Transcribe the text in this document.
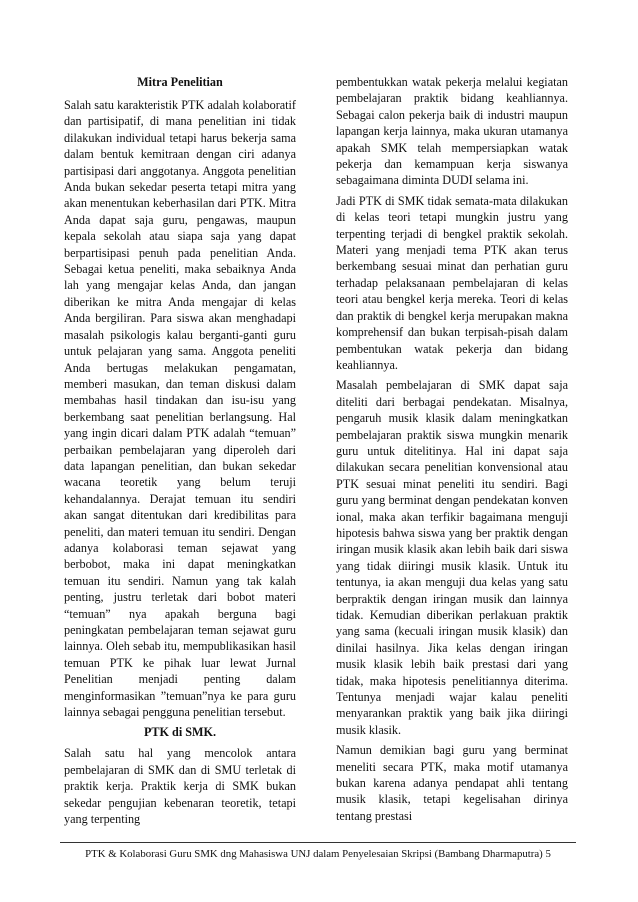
Mitra Penelitian

Salah satu karakteristik PTK adalah kolaboratif dan partisipatif, di mana penelitian ini tidak dilakukan individual tetapi harus bekerja sama dalam bentuk kemitraan dengan ciri adanya partisipasi dari anggotanya. Anggota penelitian Anda bukan sekedar peserta tetapi mitra yang akan menentukan keberhasilan dari PTK. Mitra Anda dapat saja guru, pengawas, maupun kepala sekolah atau siapa saja yang dapat berpartisipasi penuh pada penelitian Anda. Sebagai ketua peneliti, maka sebaiknya Anda lah yang mengajar kelas Anda, dan jangan diberikan ke mitra Anda mengajar di kelas Anda bergiliran. Para siswa akan menghadapi masalah psikologis kalau berganti-ganti guru untuk pelajaran yang sama. Anggota peneliti Anda bertugas melakukan pengamatan, memberi masukan, dan teman diskusi dalam membahas hasil tindakan dan isu-isu yang berkembang saat penelitian berlangsung. Hal yang ingin dicari dalam PTK adalah “temuan” perbaikan pembelajaran yang diperoleh dari data lapangan penelitian, dan bukan sekedar wacana teoretik yang belum teruji kehandalannya. Derajat temuan itu sendiri akan sangat ditentukan dari kredibilitas para peneliti, dan materi temuan itu sendiri. Dengan adanya kolaborasi teman sejawat yang berbobot, maka ini dapat meningkatkan temuan itu sendiri. Namun yang tak kalah penting, justru terletak dari bobot materi “temuan” nya apakah berguna bagi peningkatan pembelajaran teman sejawat guru lainnya. Oleh sebab itu, mempublikasikan hasil temuan PTK ke pihak luar lewat Jurnal Penelitian menjadi penting dalam menginformasikan ”temuan”nya ke para guru lainnya sebagai pengguna penelitian tersebut.

PTK di SMK.

Salah satu hal yang mencolok antara pembelajaran di SMK dan di SMU terletak di praktik kerja. Praktik kerja di SMK bukan sekedar pengujian kebenaran teoretik, tetapi yang terpenting

pembentukkan watak pekerja melalui kegiatan pembelajaran praktik bidang keahliannya. Sebagai calon pekerja baik di industri maupun lapangan kerja lainnya, maka ukuran utamanya apakah SMK telah mempersiapkan watak pekerja dan kemampuan kerja siswanya sebagaimana diminta DUDI selama ini.

Jadi PTK di SMK tidak semata-mata dilakukan di kelas teori tetapi mungkin justru yang terpenting terjadi di bengkel praktik sekolah. Materi yang menjadi tema PTK akan terus berkembang sesuai minat dan perhatian guru terhadap pelaksanaan pembelajaran di kelas teori atau bengkel kerja mereka. Teori di kelas dan praktik di bengkel kerja merupakan makna komprehensif dan bukan terpisah-pisah dalam pembentukan watak pekerja dan bidang keahliannya.

Masalah pembelajaran di SMK dapat saja diteliti dari berbagai pendekatan. Misalnya, pengaruh musik klasik dalam meningkatkan pembelajaran praktik siswa mungkin menarik guru untuk ditelitinya. Hal ini dapat saja dilakukan secara penelitian konvensional atau PTK sesuai minat peneliti itu sendiri. Bagi guru yang berminat dengan pendekatan konven ional, maka akan terfikir bagaimana menguji hipotesis bahwa siswa yang ber praktik dengan iringan musik klasik akan lebih baik dari siswa yang tidak diiringi musik klasik. Untuk itu tentunya, ia akan menguji dua kelas yang satu berpraktik dengan iringan musik dan lainnya tidak. Kemudian diberikan perlakuan praktik yang sama (kecuali iringan musik klasik) dan dinilai hasilnya. Jika kelas dengan iringan musik klasik lebih baik prestasi dari yang tidak, maka hipotesis penelitiannya diterima. Tentunya menjadi wajar kalau peneliti menyarankan praktik yang baik jika diiringi musik klasik.

Namun demikian bagi guru yang berminat meneliti secara PTK, maka motif utamanya bukan karena adanya pendapat ahli tentang musik klasik, tetapi kegelisahan dirinya tentang prestasi

PTK & Kolaborasi Guru SMK dng Mahasiswa UNJ dalam Penyelesaian Skripsi (Bambang Dharmaputra) 5
